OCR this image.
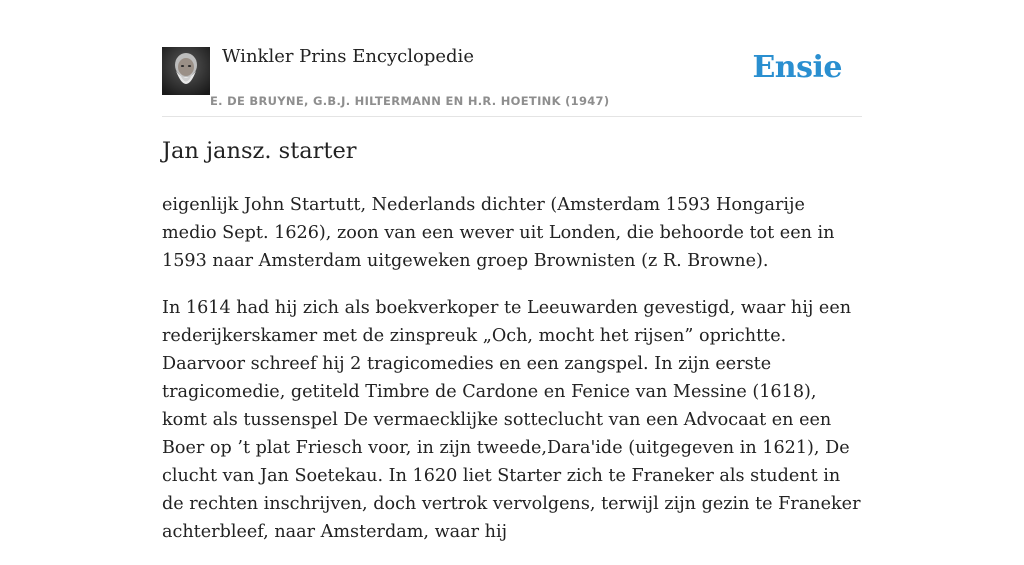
Winkler Prins Encyclopedie
E. DE BRUYNE, G.B.J. HILTERMANN EN H.R. HOETINK (1947)
Ensie
Jan jansz. starter

eigenlijk John Startutt, Nederlands dichter (Amsterdam 1593 Hongarije medio Sept. 1626), zoon van een wever uit Londen, die behoorde tot een in 1593 naar Amsterdam uitgeweken groep Brownisten (z R. Browne).

In 1614 had hij zich als boekverkoper te Leeuwarden gevestigd, waar hij een rederijkerskamer met de zinspreuk „Och, mocht het rijsen” oprichtte. Daarvoor schreef hij 2 tragicomedies en een zangspel. In zijn eerste tragicomedie, getiteld Timbre de Cardone en Fenice van Messine (1618), komt als tussenspel De vermaecklijke sottecluсht van een Advocaat en een Boer op ’t plat Friesch voor, in zijn tweede,Dara'ide (uitgegeven in 1621), De clucht van Jan Soetekau. In 1620 liet Starter zich te Franeker als student in de rechten inschrijven, doch vertrok vervolgens, terwijl zijn gezin te Franeker achterbleef, naar Amsterdam, waar hij
